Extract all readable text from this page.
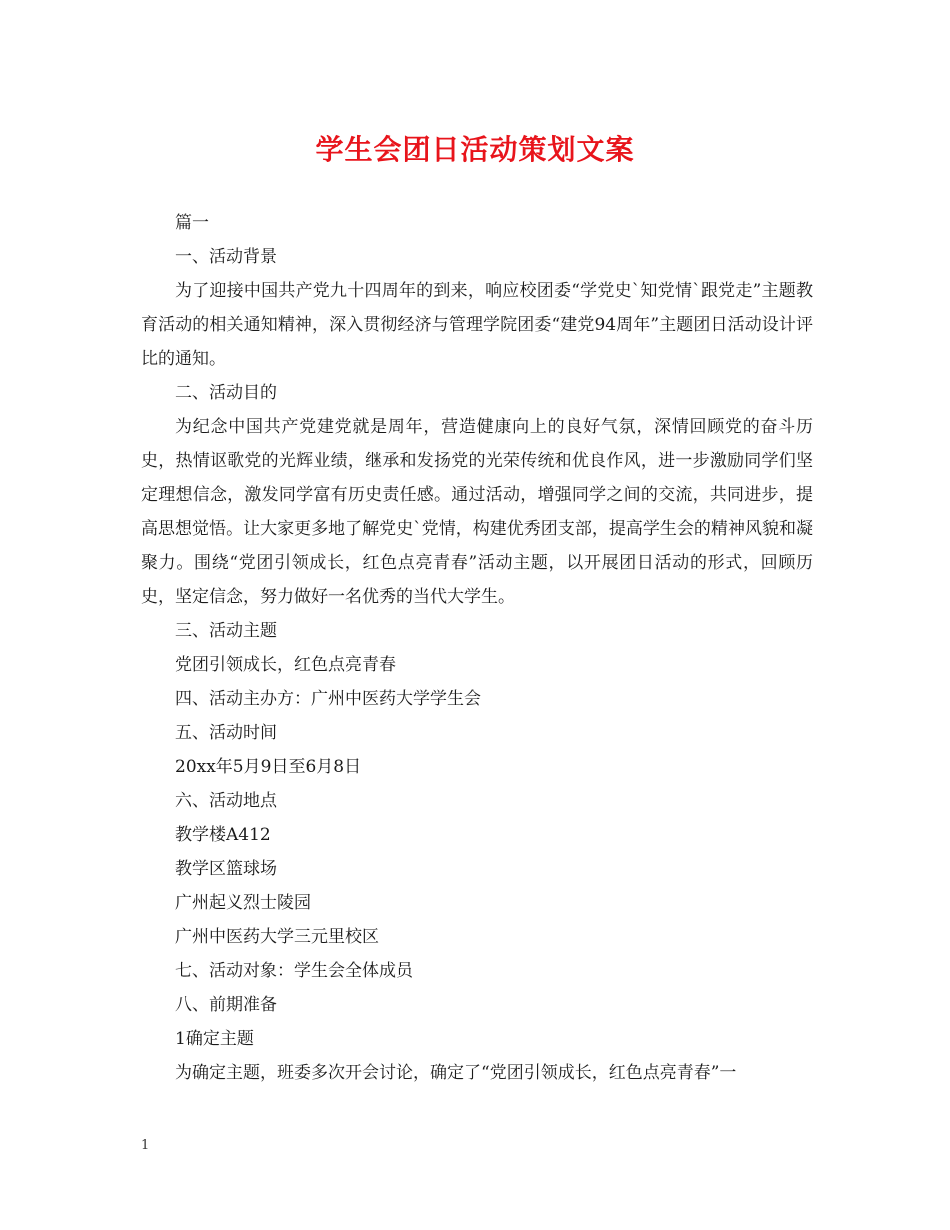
学生会团日活动策划文案

篇一

一、活动背景

为了迎接中国共产党九十四周年的到来，响应校团委“学党史`知党情`跟党走”主题教育活动的相关通知精神，深入贯彻经济与管理学院团委“建党94周年”主题团日活动设计评比的通知。

二、活动目的

为纪念中国共产党建党就是周年，营造健康向上的良好气氛，深情回顾党的奋斗历史，热情讴歌党的光辉业绩，继承和发扬党的光荣传统和优良作风，进一步激励同学们坚定理想信念，激发同学富有历史责任感。通过活动，增强同学之间的交流，共同进步，提高思想觉悟。让大家更多地了解党史`党情，构建优秀团支部，提高学生会的精神风貌和凝聚力。围绕“党团引领成长，红色点亮青春”活动主题，以开展团日活动的形式，回顾历史，坚定信念，努力做好一名优秀的当代大学生。

三、活动主题

党团引领成长，红色点亮青春

四、活动主办方：广州中医药大学学生会

五、活动时间

20xx年5月9日至6月8日

六、活动地点

教学楼A412

教学区篮球场

广州起义烈士陵园

广州中医药大学三元里校区

七、活动对象：学生会全体成员

八、前期准备

1确定主题

为确定主题，班委多次开会讨论，确定了“党团引领成长，红色点亮青春”一

1
